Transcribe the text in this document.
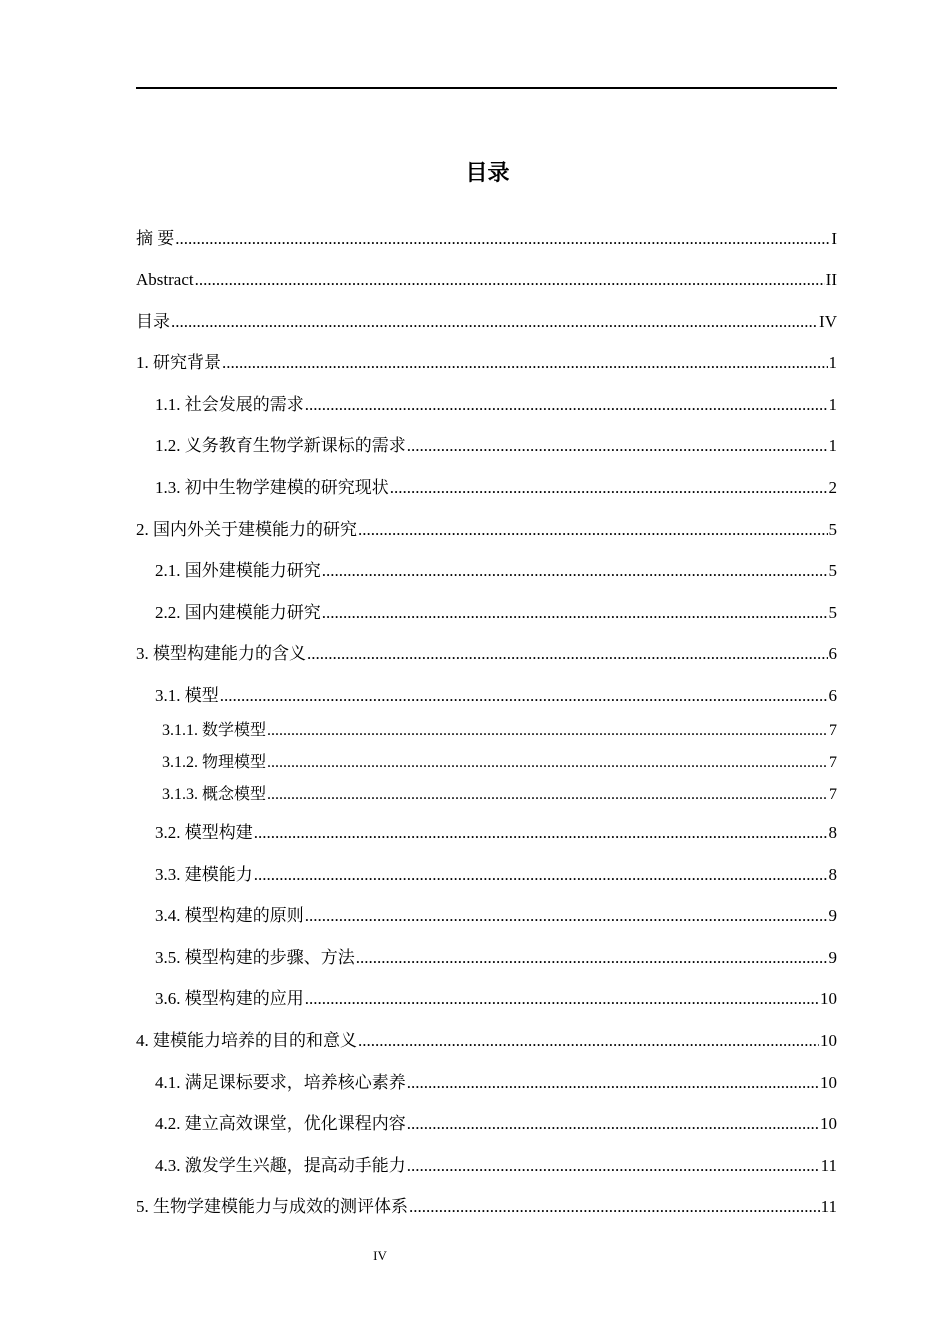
目录
摘 要 .....	I
Abstract .....	II
目录 .....	IV
1. 研究背景 .....	1
1.1. 社会发展的需求 .....	1
1.2. 义务教育生物学新课标的需求 .....	1
1.3. 初中生物学建模的研究现状 .....	2
2. 国内外关于建模能力的研究 .....	5
2.1. 国外建模能力研究 .....	5
2.2. 国内建模能力研究 .....	5
3. 模型构建能力的含义 .....	6
3.1. 模型 .....	6
3.1.1. 数学模型 .....	7
3.1.2. 物理模型 .....	7
3.1.3. 概念模型 .....	7
3.2. 模型构建 .....	8
3.3. 建模能力 .....	8
3.4. 模型构建的原则 .....	9
3.5. 模型构建的步骤、方法 .....	9
3.6. 模型构建的应用 .....	10
4. 建模能力培养的目的和意义 .....	10
4.1. 满足课标要求，培养核心素养 .....	10
4.2. 建立高效课堂，优化课程内容 .....	10
4.3. 激发学生兴趣，提高动手能力 .....	11
5. 生物学建模能力与成效的测评体系 .....	11
IV
